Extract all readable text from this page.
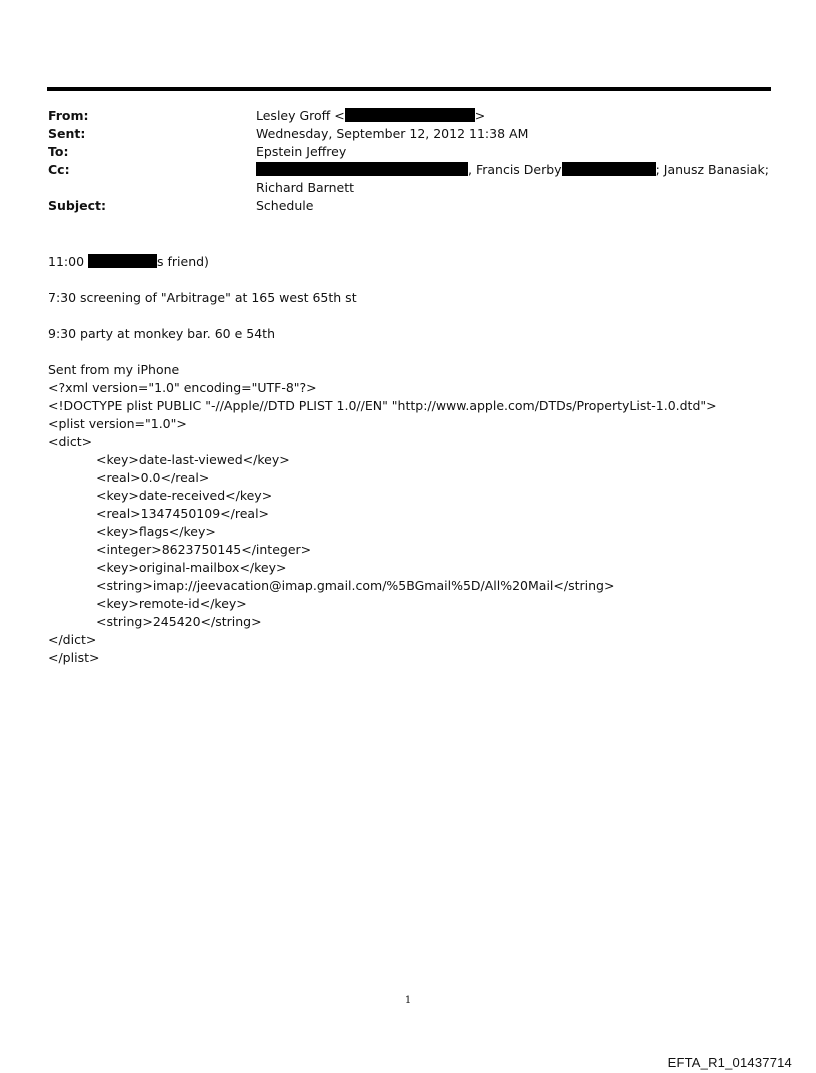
From:	Lesley Groff <	>
Sent:	Wednesday, September 12, 2012 11:38 AM
To:	Epstein Jeffrey
Cc:	, Francis Derby	; Janusz Banasiak;
Richard Barnett
Subject:	Schedule
11:00	s friend)
7:30 screening of "Arbitrage" at 165 west 65th st
9:30 party at monkey bar. 60 e 54th
Sent from my iPhone
<?xml version="1.0" encoding="UTF-8"?>
<!DOCTYPE plist PUBLIC "-//Apple//DTD PLIST 1.0//EN" "http://www.apple.com/DTDs/PropertyList-1.0.dtd">
<plist version="1.0">
<dict>
<key>date-last-viewed</key>
<real>0.0</real>
<key>date-received</key>
<real>1347450109</real>
<key>flags</key>
<integer>8623750145</integer>
<key>original-mailbox</key>
<string>imap://jeevacation@imap.gmail.com/%5BGmail%5D/All%20Mail</string>
<key>remote-id</key>
<string>245420</string>
</dict>
</plist>
1
EFTA_R1_01437714
